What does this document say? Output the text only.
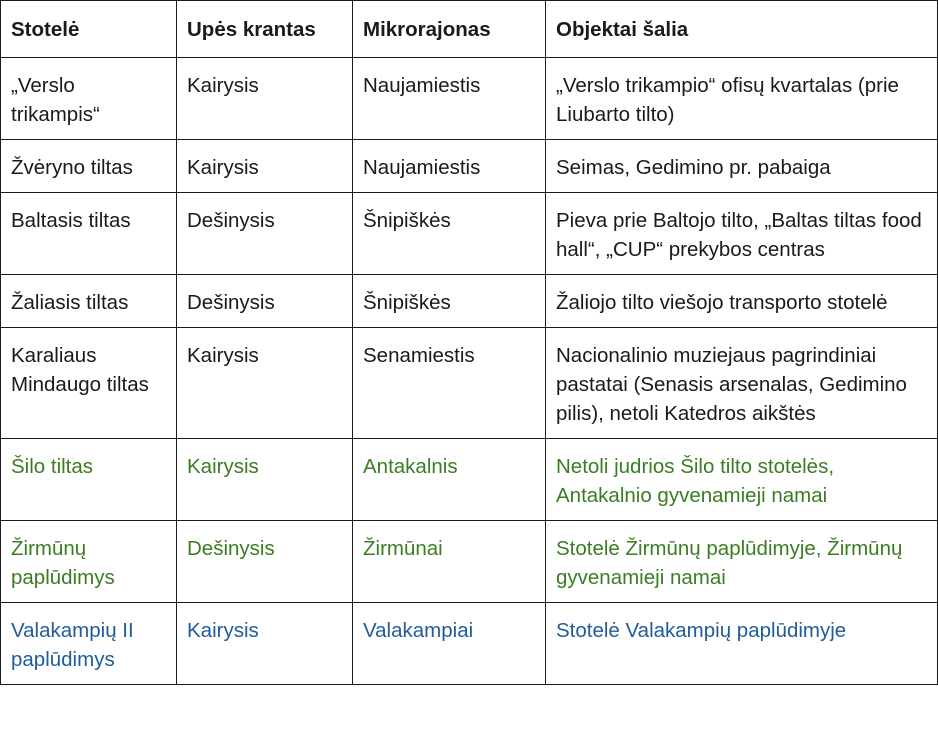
Stotelė	Upės krantas	Mikrorajonas	Objektai šalia
„Verslo trikampis“	Kairysis	Naujamiestis	„Verslo trikampio“ ofisų kvartalas (prie Liubarto tilto)
Žvėryno tiltas	Kairysis	Naujamiestis	Seimas, Gedimino pr. pabaiga
Baltasis tiltas	Dešinysis	Šnipiškės	Pieva prie Baltojo tilto, „Baltas tiltas food hall“, „CUP“ prekybos centras
Žaliasis tiltas	Dešinysis	Šnipiškės	Žaliojo tilto viešojo transporto stotelė
Karaliaus Mindaugo tiltas	Kairysis	Senamiestis	Nacionalinio muziejaus pagrindiniai pastatai (Senasis arsenalas, Gedimino pilis), netoli Katedros aikštės
Šilo tiltas	Kairysis	Antakalnis	Netoli judrios Šilo tilto stotelės, Antakalnio gyvenamieji namai
Žirmūnų paplūdimys	Dešinysis	Žirmūnai	Stotelė Žirmūnų paplūdimyje, Žirmūnų gyvenamieji namai
Valakampių II paplūdimys	Kairysis	Valakampiai	Stotelė Valakampių paplūdimyje
